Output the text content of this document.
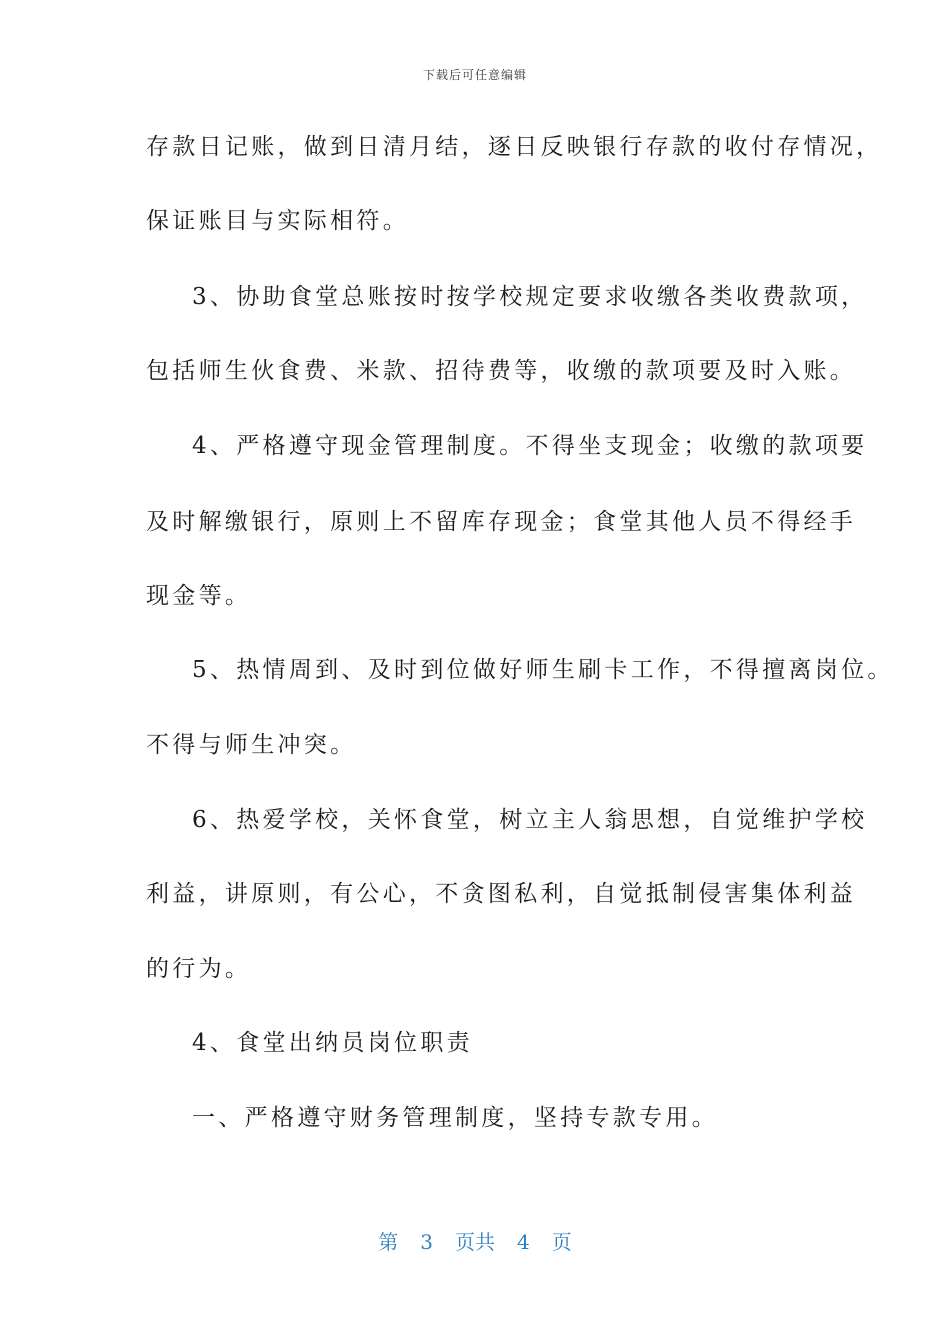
下载后可任意编辑
存款日记账，做到日清月结，逐日反映银行存款的收付存情况，
保证账目与实际相符。
3、协助食堂总账按时按学校规定要求收缴各类收费款项，
包括师生伙食费、米款、招待费等，收缴的款项要及时入账。
4、严格遵守现金管理制度。不得坐支现金；收缴的款项要
及时解缴银行，原则上不留库存现金；食堂其他人员不得经手
现金等。
5、热情周到、及时到位做好师生刷卡工作，不得擅离岗位。
不得与师生冲突。
6、热爱学校，关怀食堂，树立主人翁思想，自觉维护学校
利益，讲原则，有公心，不贪图私利，自觉抵制侵害集体利益
的行为。
4、食堂出纳员岗位职责
一、严格遵守财务管理制度，坚持专款专用。
第 3 页共 4 页
